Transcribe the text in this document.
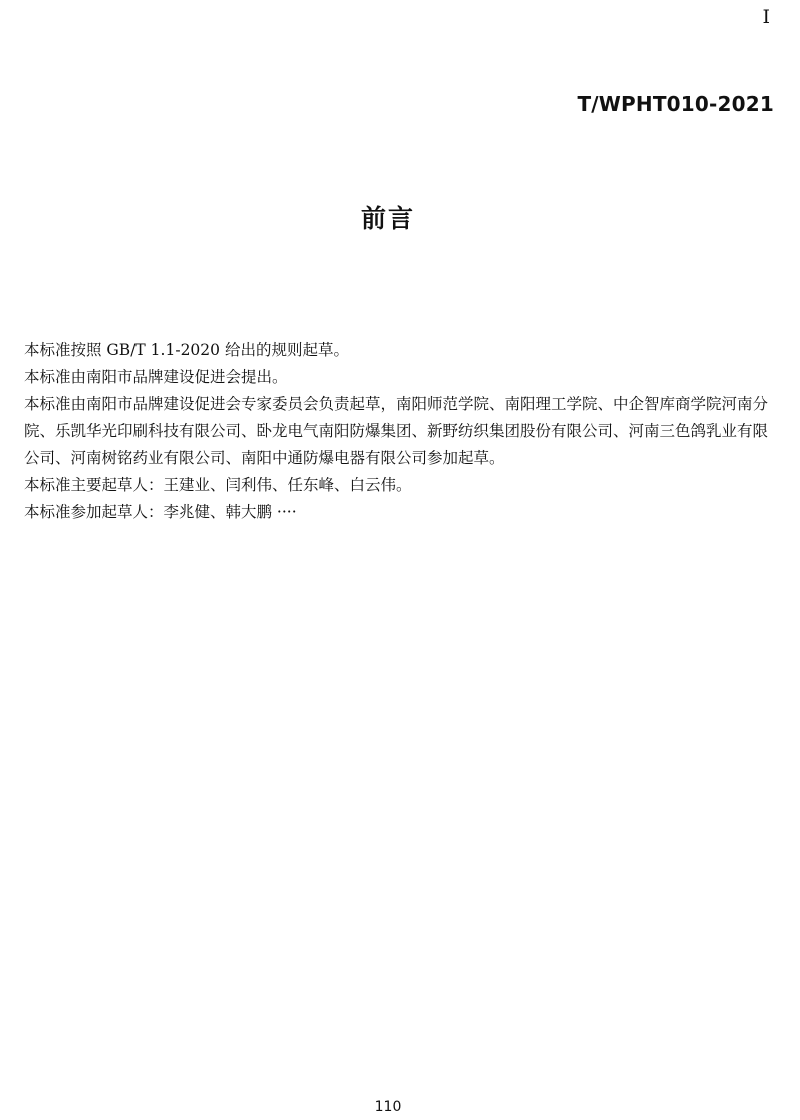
I
T/WPHT010-2021
前言

本标准按照 GB/T 1.1-2020 给出的规则起草。

本标准由南阳市品牌建设促进会提出。

本标准由南阳市品牌建设促进会专家委员会负责起草，南阳师范学院、南阳理工学院、中企智库商学院河南分院、乐凯华光印刷科技有限公司、卧龙电气南阳防爆集团、新野纺织集团股份有限公司、河南三色鸽乳业有限公司、河南树铭药业有限公司、南阳中通防爆电器有限公司参加起草。

本标准主要起草人：王建业、闫利伟、任东峰、白云伟。

本标准参加起草人：李兆健、韩大鹏 ····

110
